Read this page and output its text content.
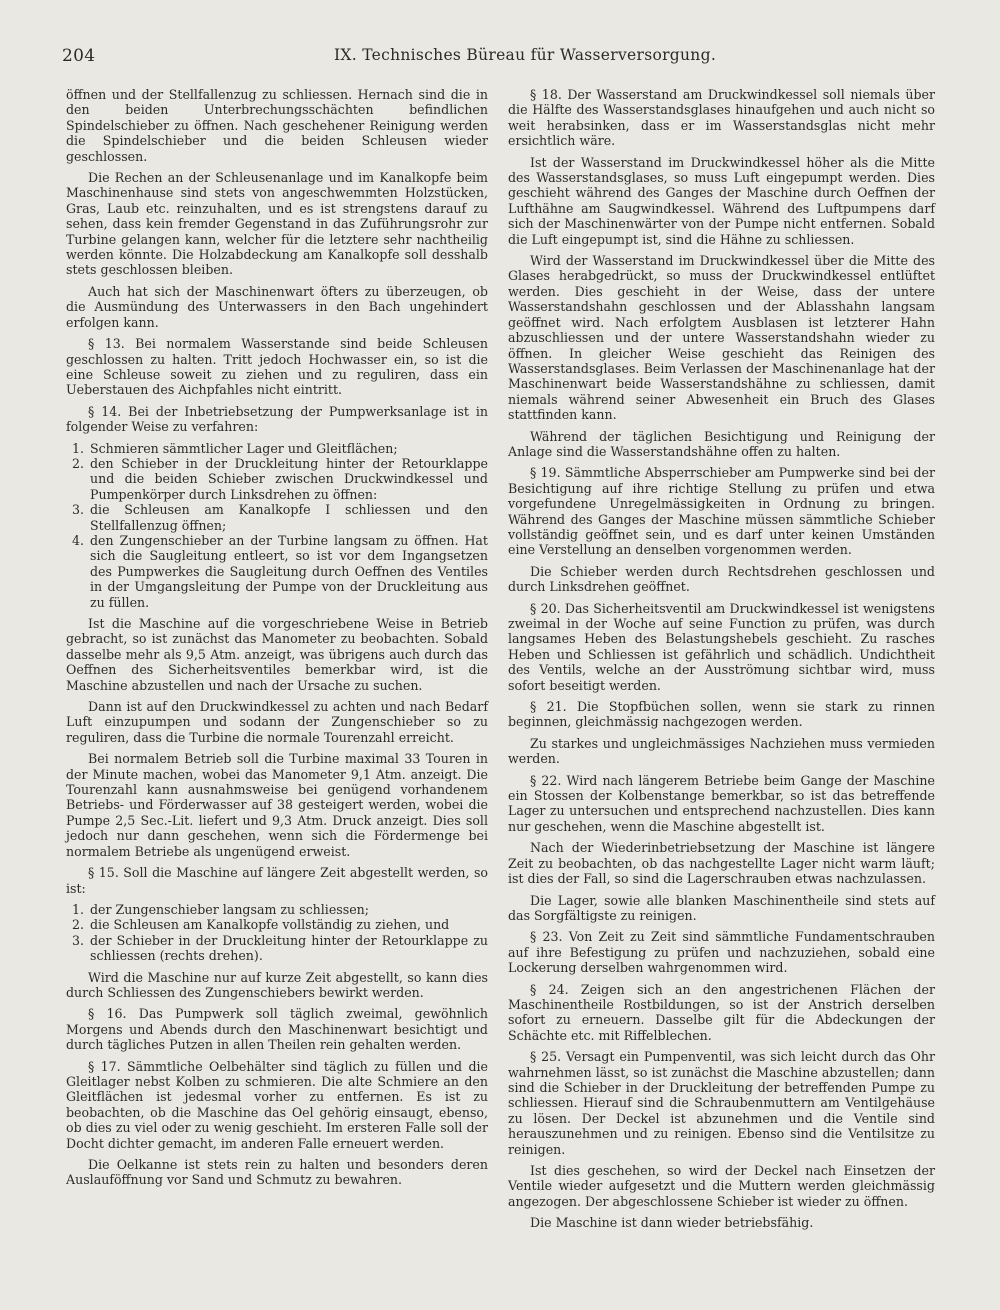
204	IX. Technisches Büreau für Wasserversorgung.

öffnen und der Stellfallenzug zu schliessen. Hernach sind die in den beiden Unterbrechungsschächten befindlichen Spindelschieber zu öffnen. Nach geschehener Reinigung werden die Spindelschieber und die beiden Schleusen wieder geschlossen.

Die Rechen an der Schleusenanlage und im Kanalkopfe beim Maschinenhause sind stets von angeschwemmten Holzstücken, Gras, Laub etc. reinzuhalten, und es ist strengstens darauf zu sehen, dass kein fremder Gegenstand in das Zuführungsrohr zur Turbine gelangen kann, welcher für die letztere sehr nachtheilig werden könnte. Die Holzabdeckung am Kanalkopfe soll desshalb stets geschlossen bleiben.

Auch hat sich der Maschinenwart öfters zu überzeugen, ob die Ausmündung des Unterwassers in den Bach ungehindert erfolgen kann.

§ 13. Bei normalem Wasserstande sind beide Schleusen geschlossen zu halten. Tritt jedoch Hochwasser ein, so ist die eine Schleuse soweit zu ziehen und zu reguliren, dass ein Ueberstauen des Aichpfahles nicht eintritt.

§ 14. Bei der Inbetriebsetzung der Pumpwerksanlage ist in folgender Weise zu verfahren:

1. Schmieren sämmtlicher Lager und Gleitflächen;
2. den Schieber in der Druckleitung hinter der Retourklappe und die beiden Schieber zwischen Druckwindkessel und Pumpenkörper durch Linksdrehen zu öffnen:
3. die Schleusen am Kanalkopfe I schliessen und den Stellfallenzug öffnen;
4. den Zungenschieber an der Turbine langsam zu öffnen. Hat sich die Saugleitung entleert, so ist vor dem Ingangsetzen des Pumpwerkes die Saugleitung durch Oeffnen des Ventiles in der Umgangsleitung der Pumpe von der Druckleitung aus zu füllen.

Ist die Maschine auf die vorgeschriebene Weise in Betrieb gebracht, so ist zunächst das Manometer zu beobachten. Sobald dasselbe mehr als 9,5 Atm. anzeigt, was übrigens auch durch das Oeffnen des Sicherheitsventiles bemerkbar wird, ist die Maschine abzustellen und nach der Ursache zu suchen.

Dann ist auf den Druckwindkessel zu achten und nach Bedarf Luft einzupumpen und sodann der Zungenschieber so zu reguliren, dass die Turbine die normale Tourenzahl erreicht.

Bei normalem Betrieb soll die Turbine maximal 33 Touren in der Minute machen, wobei das Manometer 9,1 Atm. anzeigt. Die Tourenzahl kann ausnahmsweise bei genügend vorhandenem Betriebs- und Förderwasser auf 38 gesteigert werden, wobei die Pumpe 2,5 Sec.-Lit. liefert und 9,3 Atm. Druck anzeigt. Dies soll jedoch nur dann geschehen, wenn sich die Fördermenge bei normalem Betriebe als ungenügend erweist.

§ 15. Soll die Maschine auf längere Zeit abgestellt werden, so ist:

1. der Zungenschieber langsam zu schliessen;
2. die Schleusen am Kanalkopfe vollständig zu ziehen, und
3. der Schieber in der Druckleitung hinter der Retourklappe zu schliessen (rechts drehen).

Wird die Maschine nur auf kurze Zeit abgestellt, so kann dies durch Schliessen des Zungenschiebers bewirkt werden.

§ 16. Das Pumpwerk soll täglich zweimal, gewöhnlich Morgens und Abends durch den Maschinenwart besichtigt und durch tägliches Putzen in allen Theilen rein gehalten werden.

§ 17. Sämmtliche Oelbehälter sind täglich zu füllen und die Gleitlager nebst Kolben zu schmieren. Die alte Schmiere an den Gleitflächen ist jedesmal vorher zu entfernen. Es ist zu beobachten, ob die Maschine das Oel gehörig einsaugt, ebenso, ob dies zu viel oder zu wenig geschieht. Im ersteren Falle soll der Docht dichter gemacht, im anderen Falle erneuert werden.

Die Oelkanne ist stets rein zu halten und besonders deren Auslauföffnung vor Sand und Schmutz zu bewahren.

§ 18. Der Wasserstand am Druckwindkessel soll niemals über die Hälfte des Wasserstandsglases hinaufgehen und auch nicht so weit herabsinken, dass er im Wasserstandsglas nicht mehr ersichtlich wäre.

Ist der Wasserstand im Druckwindkessel höher als die Mitte des Wasserstandsglases, so muss Luft eingepumpt werden. Dies geschieht während des Ganges der Maschine durch Oeffnen der Lufthähne am Saugwindkessel. Während des Luftpumpens darf sich der Maschinenwärter von der Pumpe nicht entfernen. Sobald die Luft eingepumpt ist, sind die Hähne zu schliessen.

Wird der Wasserstand im Druckwindkessel über die Mitte des Glases herabgedrückt, so muss der Druckwindkessel entlüftet werden. Dies geschieht in der Weise, dass der untere Wasserstandshahn geschlossen und der Ablasshahn langsam geöffnet wird. Nach erfolgtem Ausblasen ist letzterer Hahn abzuschliessen und der untere Wasserstandshahn wieder zu öffnen. In gleicher Weise geschieht das Reinigen des Wasserstandsglases. Beim Verlassen der Maschinenanlage hat der Maschinenwart beide Wasserstandshähne zu schliessen, damit niemals während seiner Abwesenheit ein Bruch des Glases stattfinden kann.

Während der täglichen Besichtigung und Reinigung der Anlage sind die Wasserstandshähne offen zu halten.

§ 19. Sämmtliche Absperrschieber am Pumpwerke sind bei der Besichtigung auf ihre richtige Stellung zu prüfen und etwa vorgefundene Unregelmässigkeiten in Ordnung zu bringen. Während des Ganges der Maschine müssen sämmtliche Schieber vollständig geöffnet sein, und es darf unter keinen Umständen eine Verstellung an denselben vorgenommen werden.

Die Schieber werden durch Rechtsdrehen geschlossen und durch Linksdrehen geöffnet.

§ 20. Das Sicherheitsventil am Druckwindkessel ist wenigstens zweimal in der Woche auf seine Function zu prüfen, was durch langsames Heben des Belastungshebels geschieht. Zu rasches Heben und Schliessen ist gefährlich und schädlich. Undichtheit des Ventils, welche an der Ausströmung sichtbar wird, muss sofort beseitigt werden.

§ 21. Die Stopfbüchen sollen, wenn sie stark zu rinnen beginnen, gleichmässig nachgezogen werden.

Zu starkes und ungleichmässiges Nachziehen muss vermieden werden.

§ 22. Wird nach längerem Betriebe beim Gange der Maschine ein Stossen der Kolbenstange bemerkbar, so ist das betreffende Lager zu untersuchen und entsprechend nachzustellen. Dies kann nur geschehen, wenn die Maschine abgestellt ist.

Nach der Wiederinbetriebsetzung der Maschine ist längere Zeit zu beobachten, ob das nachgestellte Lager nicht warm läuft; ist dies der Fall, so sind die Lagerschrauben etwas nachzulassen.

Die Lager, sowie alle blanken Maschinentheile sind stets auf das Sorgfältigste zu reinigen.

§ 23. Von Zeit zu Zeit sind sämmtliche Fundamentschrauben auf ihre Befestigung zu prüfen und nachzuziehen, sobald eine Lockerung derselben wahrgenommen wird.

§ 24. Zeigen sich an den angestrichenen Flächen der Maschinentheile Rostbildungen, so ist der Anstrich derselben sofort zu erneuern. Dasselbe gilt für die Abdeckungen der Schächte etc. mit Riffelblechen.

§ 25. Versagt ein Pumpenventil, was sich leicht durch das Ohr wahrnehmen lässt, so ist zunächst die Maschine abzustellen; dann sind die Schieber in der Druckleitung der betreffenden Pumpe zu schliessen. Hierauf sind die Schraubenmuttern am Ventilgehäuse zu lösen. Der Deckel ist abzunehmen und die Ventile sind herauszunehmen und zu reinigen. Ebenso sind die Ventilsitze zu reinigen.

Ist dies geschehen, so wird der Deckel nach Einsetzen der Ventile wieder aufgesetzt und die Muttern werden gleichmässig angezogen. Der abgeschlossene Schieber ist wieder zu öffnen.

Die Maschine ist dann wieder betriebsfähig.
